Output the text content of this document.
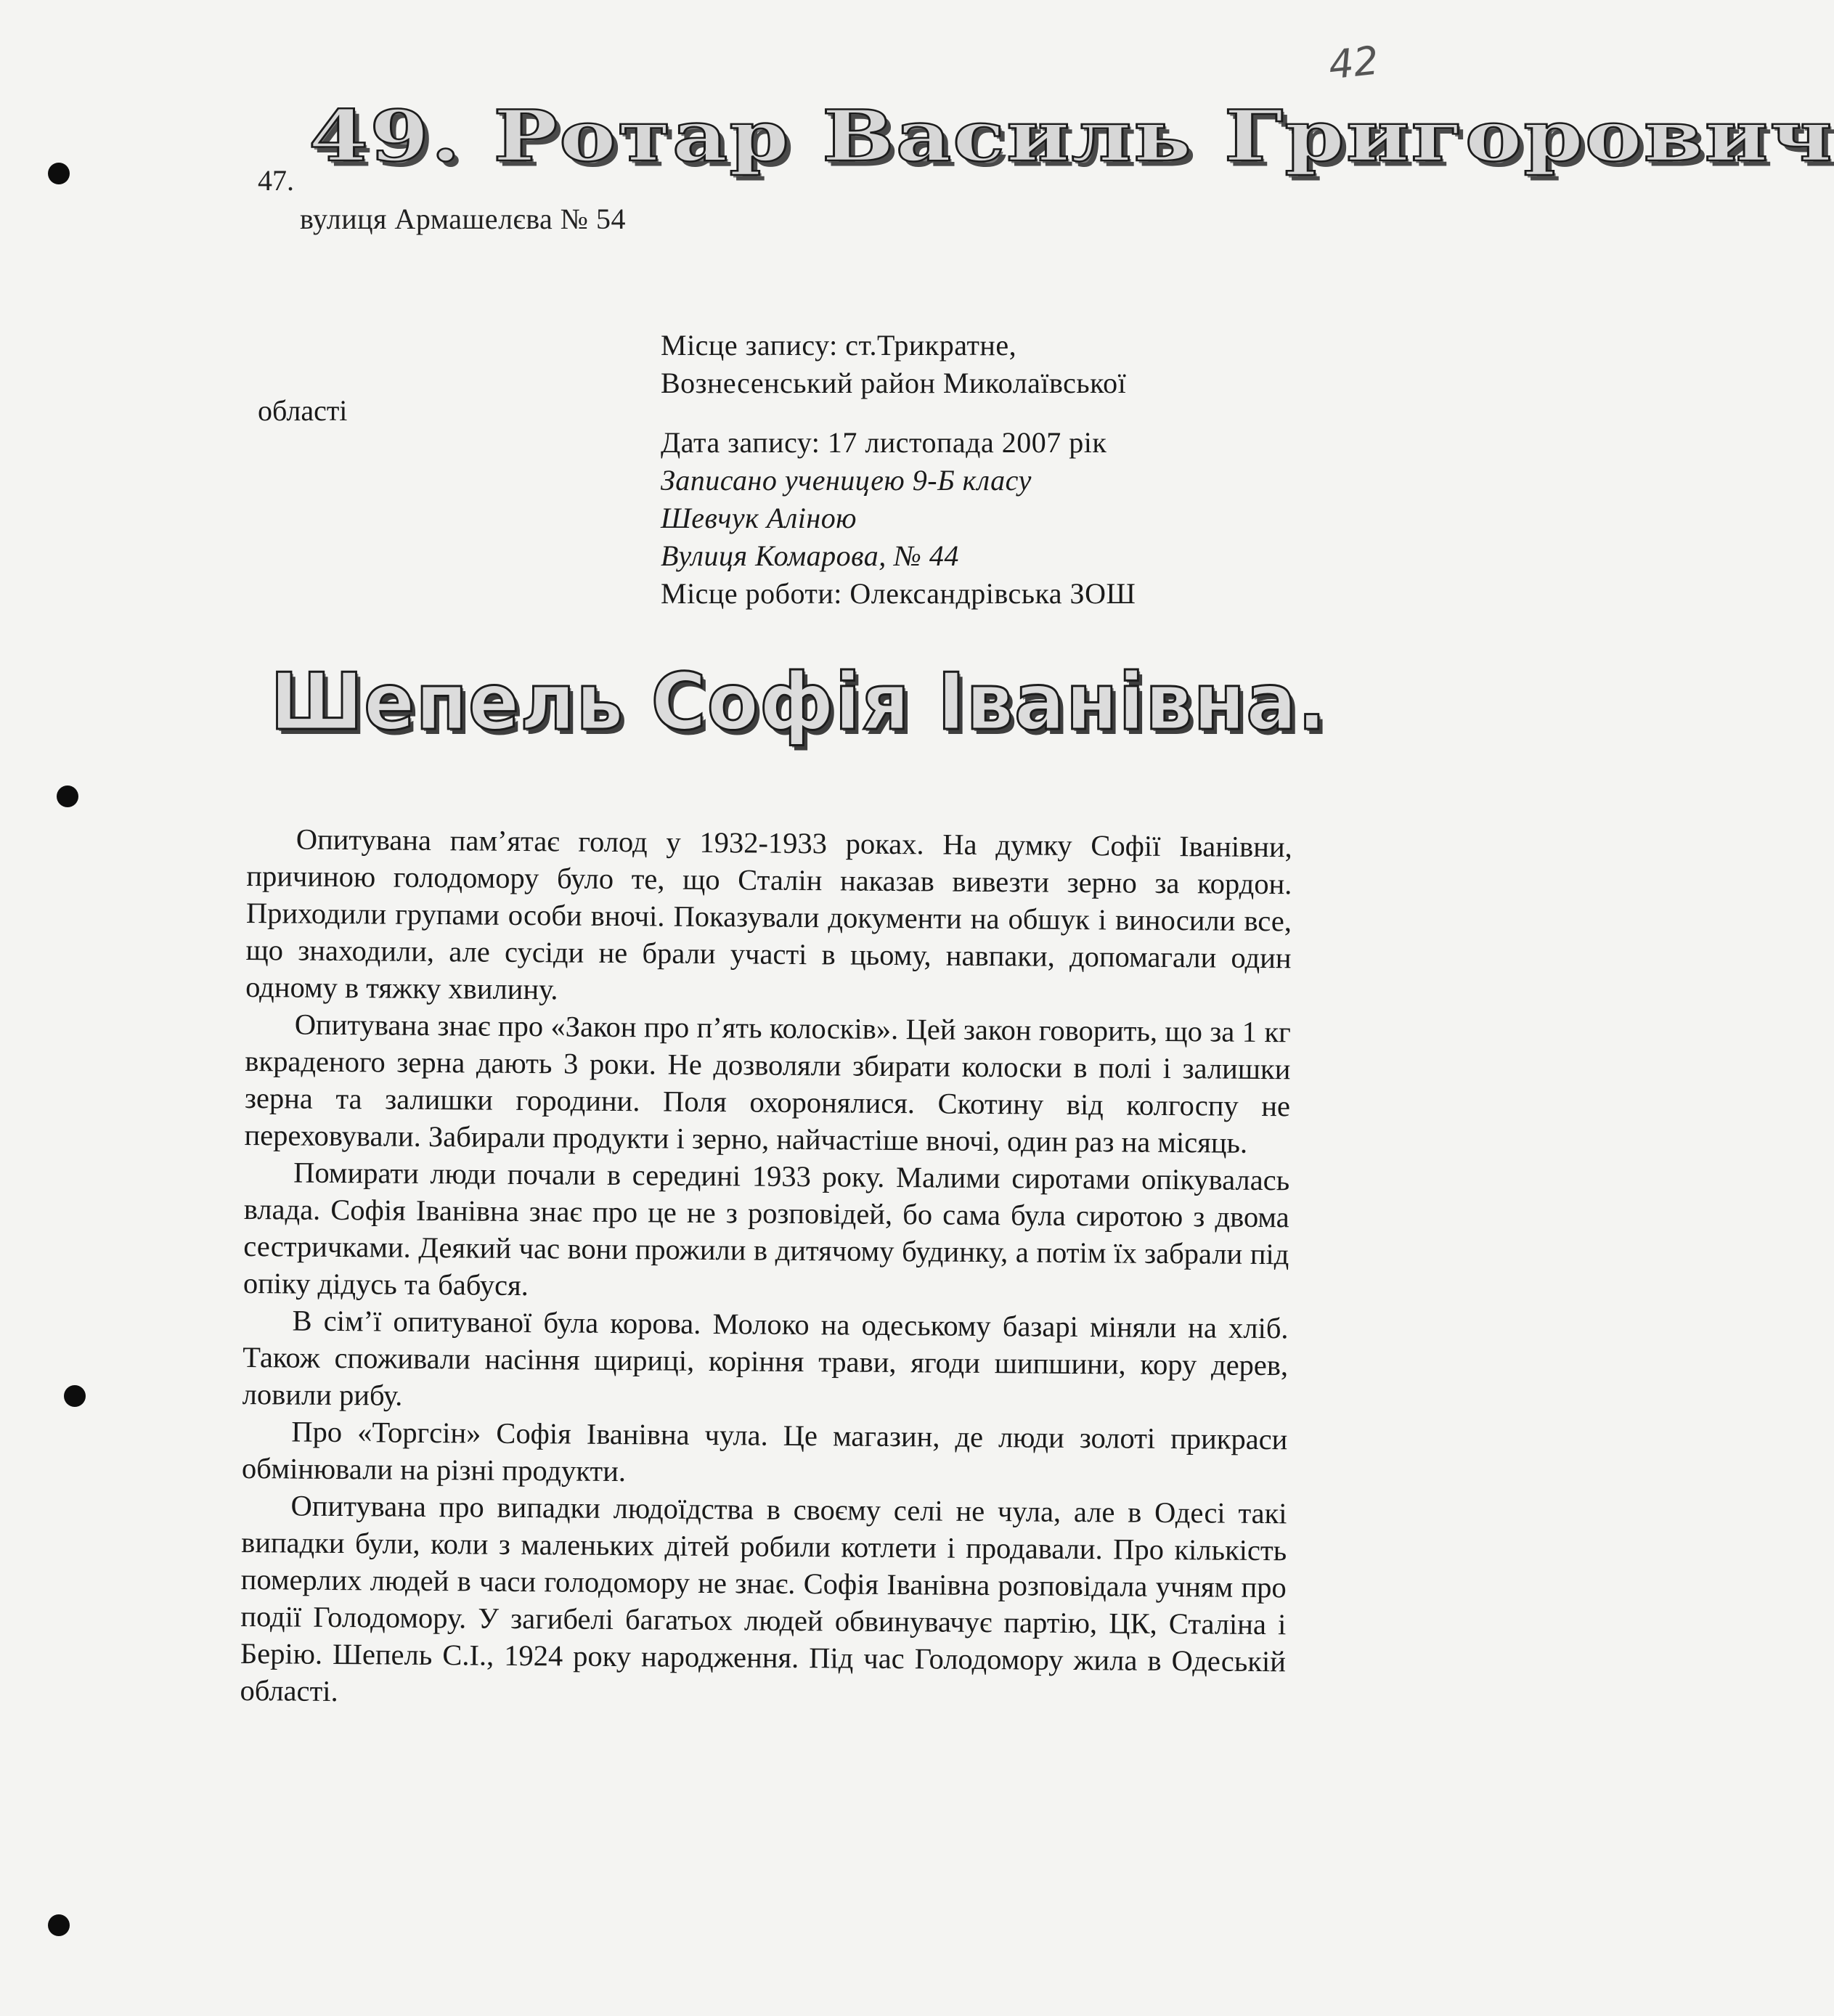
42
47.
49. Ротар Василь Григорович
вулиця Армашелєва № 54
Місце запису: ст.Трикратне,
Вознесенський район Миколаївської
Дата запису: 17 листопада 2007 рік
Записано ученицею 9-Б класу
Шевчук Аліною
Вулиця Комарова, № 44
Місце роботи: Олександрівська ЗОШ
області
Шепель Софія Іванівна.

Опитувана пам’ятає голод у 1932-1933 роках. На думку Софії Іванівни, причиною голодомору було те, що Сталін наказав вивезти зерно за кордон. Приходили групами особи вночі. Показували документи на обшук і виносили все, що знаходили, але сусіди не брали участі в цьому, навпаки, допомагали один одному в тяжку хвилину.

Опитувана знає про «Закон про п’ять колосків». Цей закон говорить, що за 1 кг вкраденого зерна дають 3 роки. Не дозволяли збирати колоски в полі і залишки зерна та залишки городини. Поля охоронялися. Скотину від колгоспу не переховували. Забирали продукти і зерно, найчастіше вночі, один раз на місяць.

Помирати люди почали в середині 1933 року. Малими сиротами опікувалась влада. Софія Іванівна знає про це не з розповідей, бо сама була сиротою з двома сестричками. Деякий час вони прожили в дитячому будинку, а потім їх забрали під опіку дідусь та бабуся.

В сім’ї опитуваної була корова. Молоко на одеському базарі міняли на хліб. Також споживали насіння щириці, коріння трави, ягоди шипшини, кору дерев, ловили рибу.

Про «Торгсін» Софія Іванівна чула. Це магазин, де люди золоті прикраси обмінювали на різні продукти.

Опитувана про випадки людоїдства в своєму селі не чула, але в Одесі такі випадки були, коли з маленьких дітей робили котлети і продавали. Про кількість померлих людей в часи голодомору не знає. Софія Іванівна розповідала учням про події Голодомору. У загибелі багатьох людей обвинувачує партію, ЦК, Сталіна і Берію. Шепель С.І., 1924 року народження. Під час Голодомору жила в Одеській області.
